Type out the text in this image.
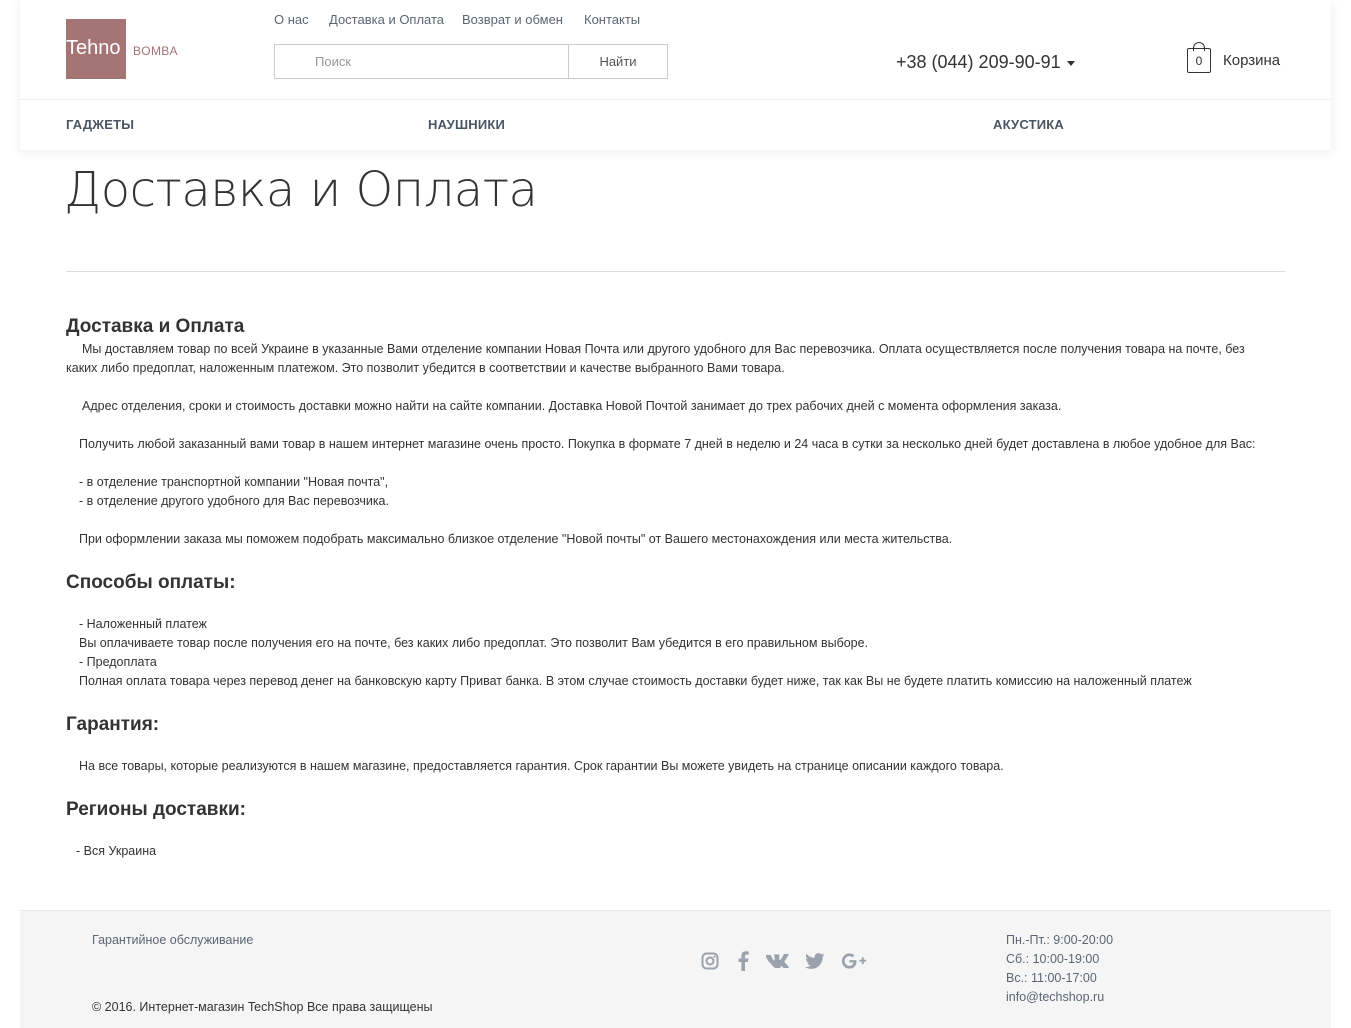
Tehno BOMBA
О нас Доставка и Оплата Возврат и обмен Контакты
Поиск
Найти	+38 (044) 209-90-91	0	Корзина
ГАДЖЕТЫ	НАУШНИКИ	АКУСТИКА
Доставка и Оплата
Доставка и Оплата

Мы доставляем товар по всей Украине в указанные Вами отделение компании Новая Почта или другого удобного для Вас перевозчика. Оплата осуществляется после получения товара на почте, без каких либо предоплат, наложенным платежом. Это позволит убедится в соответствии и качестве выбранного Вами товара.

Адрес отделения, сроки и стоимость доставки можно найти на сайте компании. Доставка Новой Почтой занимает до трех рабочих дней с момента оформления заказа.

Получить любой заказанный вами товар в нашем интернет магазине очень просто. Покупка в формате 7 дней в неделю и 24 часа в сутки за несколько дней будет доставлена в любое удобное для Вас:

- в отделение транспортной компании "Новая почта",

- в отделение другого удобного для Вас перевозчика.

При оформлении заказа мы поможем подобрать максимально близкое отделение "Новой почты" от Вашего местонахождения или места жительства.

Способы оплаты:

- Наложенный платеж

Вы оплачиваете товар после получения его на почте, без каких либо предоплат. Это позволит Вам убедится в его правильном выборе.

- Предоплата

Полная оплата товара через перевод денег на банковскую карту Приват банка. В этом случае стоимость доставки будет ниже, так как Вы не будете платить комиссию на наложенный платеж

Гарантия:

На все товары, которые реализуются в нашем магазине, предоставляется гарантия. Срок гарантии Вы можете увидеть на странице описании каждого товара.

Регионы доставки:

- Вся Украина

Гарантийное обслуживание
© 2016. Интернет-магазин TechShop Все права защищены
Пн.-Пт.: 9:00-20:00
Сб.: 10:00-19:00
Вс.: 11:00-17:00
info@techshop.ru
